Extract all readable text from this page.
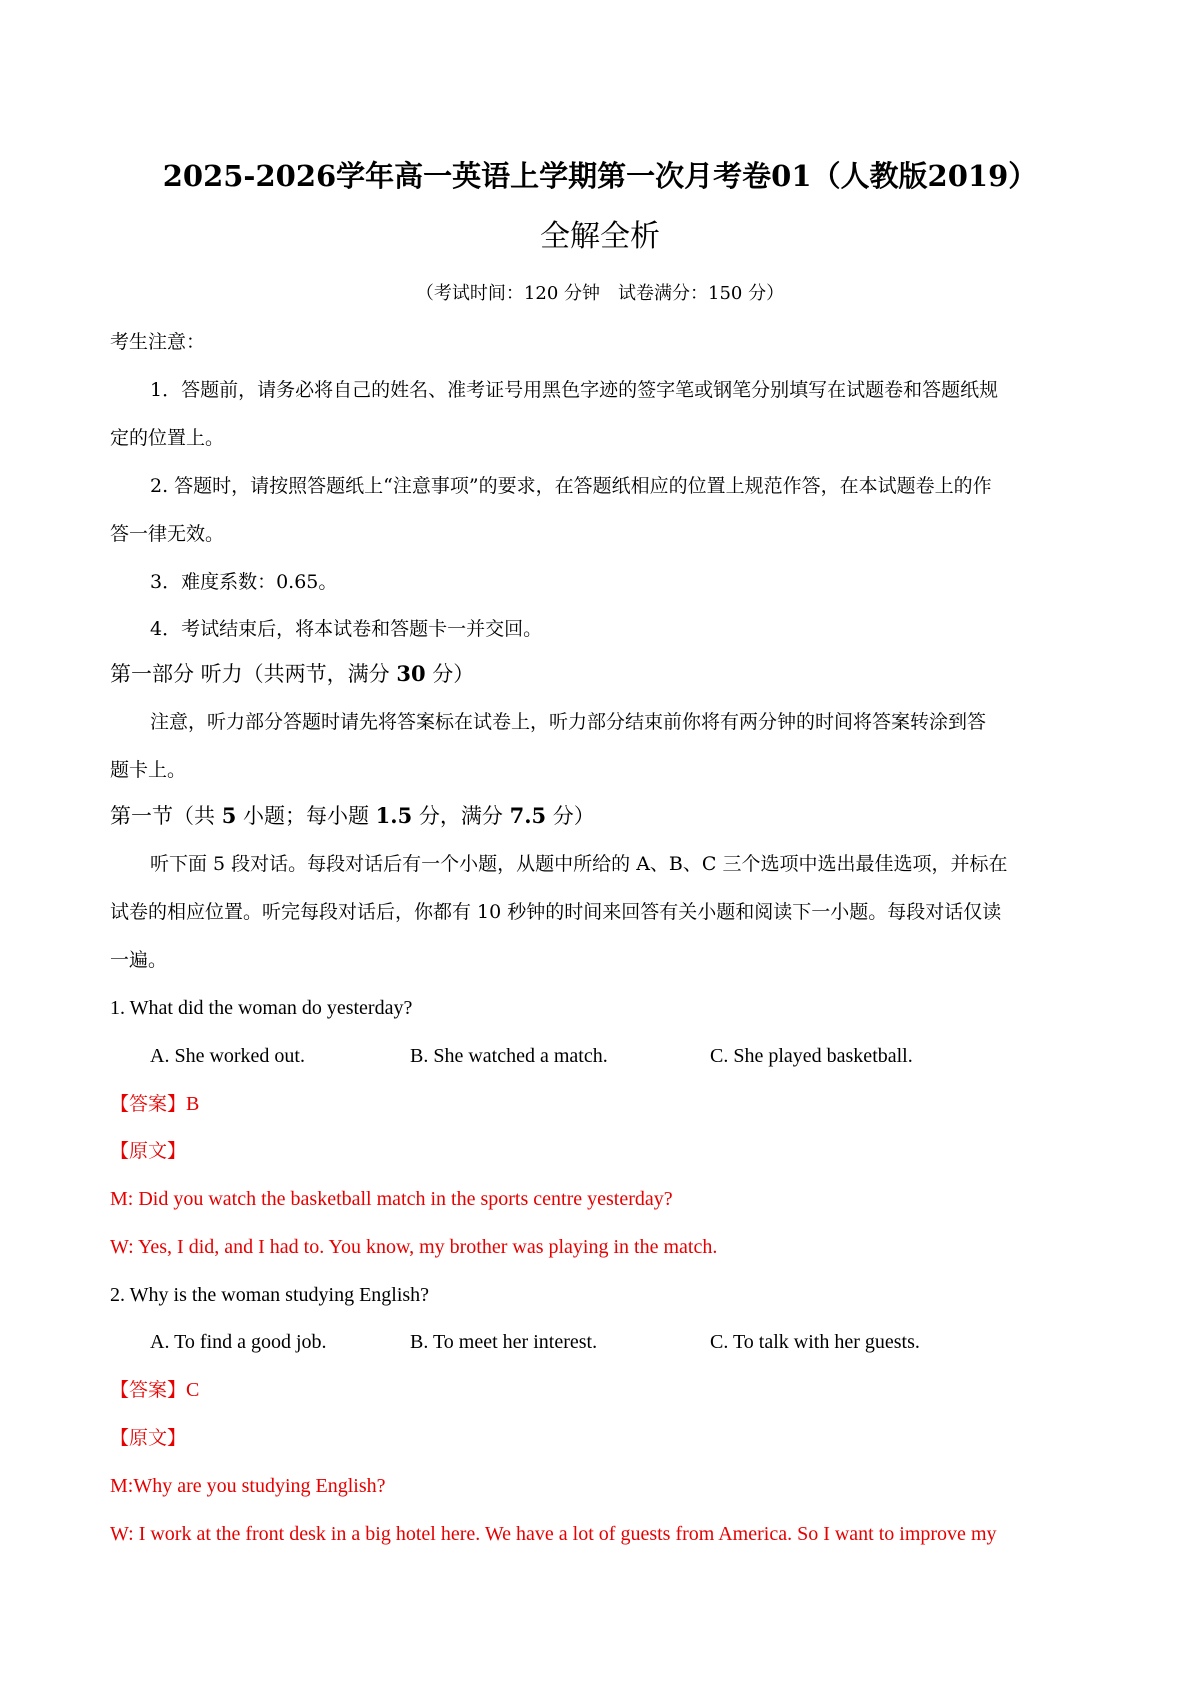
2025-2026学年高一英语上学期第一次月考卷01（人教版2019）
全解全析
（考试时间：120 分钟　试卷满分：150 分）
考生注意：
1．答题前，请务必将自己的姓名、准考证号用黑色字迹的签字笔或钢笔分别填写在试题卷和答题纸规
定的位置上。
2. 答题时，请按照答题纸上“注意事项”的要求，在答题纸相应的位置上规范作答，在本试题卷上的作
答一律无效。
3．难度系数：0.65。
4．考试结束后，将本试卷和答题卡一并交回。
第一部分 听力（共两节，满分 30 分）
注意，听力部分答题时请先将答案标在试卷上，听力部分结束前你将有两分钟的时间将答案转涂到答
题卡上。
第一节（共 5 小题；每小题 1.5 分，满分 7.5 分）
听下面 5 段对话。每段对话后有一个小题，从题中所给的 A、B、C 三个选项中选出最佳选项，并标在
试卷的相应位置。听完每段对话后，你都有 10 秒钟的时间来回答有关小题和阅读下一小题。每段对话仅读
一遍。
1. What did the woman do yesterday?
A. She worked out.	B. She watched a match.	C. She played basketball.
【答案】B
【原文】
M: Did you watch the basketball match in the sports centre yesterday?
W: Yes, I did, and I had to. You know, my brother was playing in the match.
2. Why is the woman studying English?
A. To find a good job.	B. To meet her interest.	C. To talk with her guests.
【答案】C
【原文】
M:Why are you studying English?
W: I work at the front desk in a big hotel here. We have a lot of guests from America. So I want to improve my
